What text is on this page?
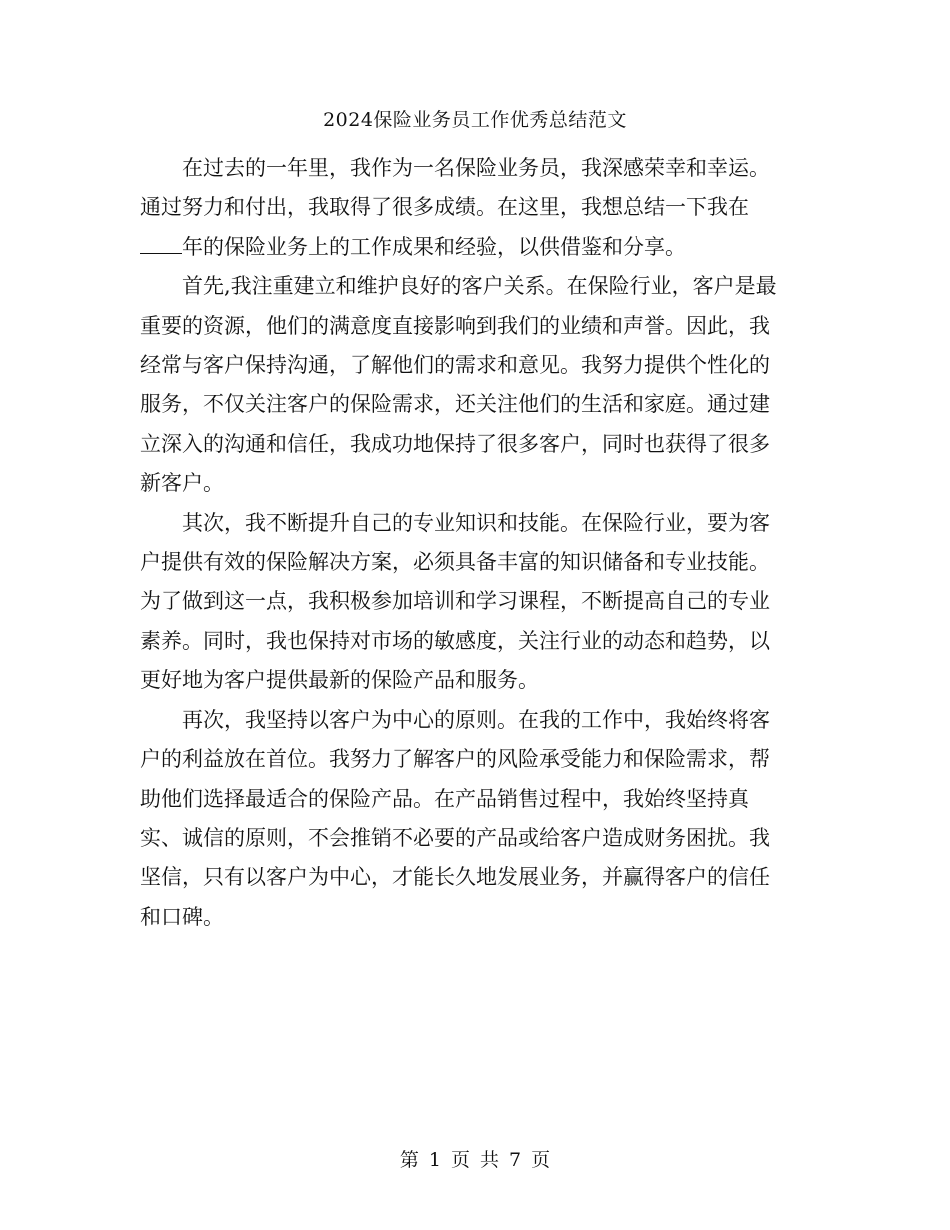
2024保险业务员工作优秀总结范文

在过去的一年里，我作为一名保险业务员，我深感荣幸和幸运。
通过努力和付出，我取得了很多成绩。在这里，我想总结一下我在
年的保险业务上的工作成果和经验，以供借鉴和分享。

首先,我注重建立和维护良好的客户关系。在保险行业，客户是最
重要的资源，他们的满意度直接影响到我们的业绩和声誉。因此，我
经常与客户保持沟通，了解他们的需求和意见。我努力提供个性化的
服务，不仅关注客户的保险需求，还关注他们的生活和家庭。通过建
立深入的沟通和信任，我成功地保持了很多客户，同时也获得了很多
新客户。

其次，我不断提升自己的专业知识和技能。在保险行业，要为客
户提供有效的保险解决方案，必须具备丰富的知识储备和专业技能。
为了做到这一点，我积极参加培训和学习课程，不断提高自己的专业
素养。同时，我也保持对市场的敏感度，关注行业的动态和趋势，以
更好地为客户提供最新的保险产品和服务。

再次，我坚持以客户为中心的原则。在我的工作中，我始终将客
户的利益放在首位。我努力了解客户的风险承受能力和保险需求，帮
助他们选择最适合的保险产品。在产品销售过程中，我始终坚持真
实、诚信的原则，不会推销不必要的产品或给客户造成财务困扰。我
坚信，只有以客户为中心，才能长久地发展业务，并赢得客户的信任
和口碑。

第 1 页 共 7 页
